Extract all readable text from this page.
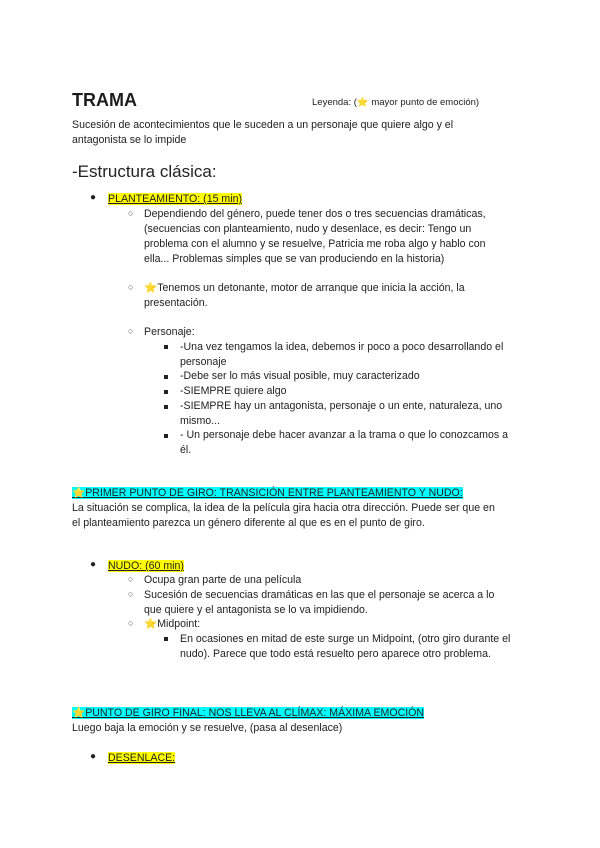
TRAMA	Leyenda: (⭐ mayor punto de emoción)
Sucesión de acontecimientos que le suceden a un personaje que quiere algo y el
antagonista se lo impide
-Estructura clásica:
● PLANTEAMIENTO: (15 min)
○ Dependiendo del género, puede tener dos o tres secuencias dramáticas,
(secuencias con planteamiento, nudo y desenlace, es decir: Tengo un
problema con el alumno y se resuelve, Patricia me roba algo y hablo con
ella... Problemas simples que se van produciendo en la historia)
○ ⭐Tenemos un detonante, motor de arranque que inicia la acción, la
presentación.
○ Personaje:
-Una vez tengamos la idea, debemos ir poco a poco desarrollando el
personaje
-Debe ser lo más visual posible, muy caracterizado
-SIEMPRE quiere algo
-SIEMPRE hay un antagonista, personaje o un ente, naturaleza, uno
mismo...
- Un personaje debe hacer avanzar a la trama o que lo conozcamos a
él.
⭐PRIMER PUNTO DE GIRO: TRANSICIÓN ENTRE PLANTEAMIENTO Y NUDO:
La situación se complica, la idea de la película gira hacia otra dirección. Puede ser que en
el planteamiento parezca un género diferente al que es en el punto de giro.
● NUDO: (60 min)
○ Ocupa gran parte de una película
○ Sucesión de secuencias dramáticas en las que el personaje se acerca a lo
que quiere y el antagonista se lo va impidiendo.
○ ⭐Midpoint:
En ocasiones en mitad de este surge un Midpoint, (otro giro durante el
nudo). Parece que todo está resuelto pero aparece otro problema.
⭐PUNTO DE GIRO FINAL: NOS LLEVA AL CLÍMAX: MÁXIMA EMOCIÓN
Luego baja la emoción y se resuelve, (pasa al desenlace)
● DESENLACE:
